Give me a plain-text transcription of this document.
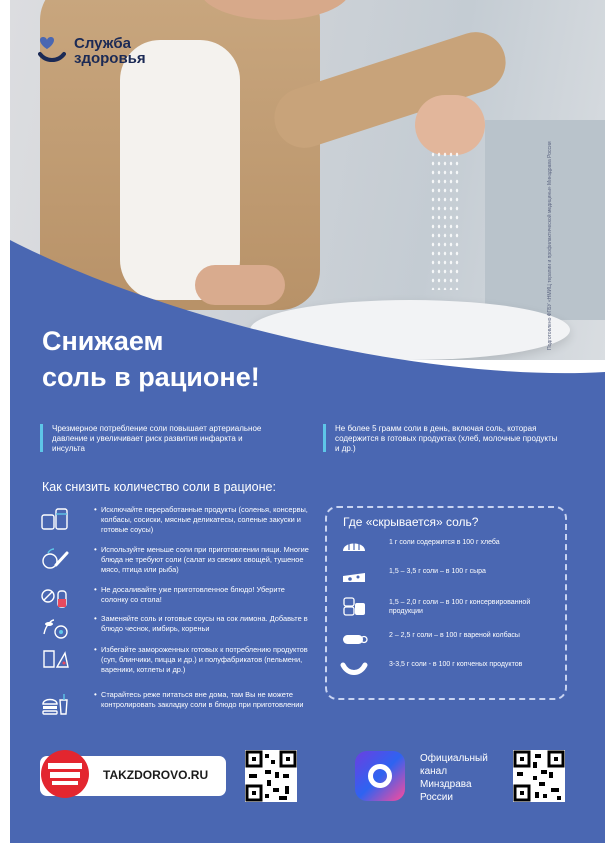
Служба
здоровья
Подготовлено ФГБУ «НМИЦ терапии и профилактической медицины» Минздрава России
Снижаем
соль в рационе!
Чрезмерное потребление соли повышает артериальное давление и увеличивает риск развития инфаркта и инсульта
Не более 5 грамм соли в день, включая соль, которая содержится в готовых продуктах (хлеб, молочные продукты и др.)
Как снизить количество соли в рационе:
• Исключайте переработанные продукты (соленья, консервы, колбасы, сосиски, мясные деликатесы, соленые закуски и готовые соусы)
• Используйте меньше соли при приготовлении пищи. Многие блюда не требуют соли (салат из свежих овощей, тушеное мясо, птица или рыба)
• Не досаливайте уже приготовленное блюдо! Уберите солонку со стола!
• Заменяйте соль и готовые соусы на сок лимона. Добавьте в блюдо чеснок, имбирь, кореньи
• Избегайте замороженных готовых к потреблению продуктов (суп, блинчики, пицца и др.) и полуфабрикатов (пельмени, вареники, котлеты и др.)
• Старайтесь реже питаться вне дома, там Вы не можете контролировать закладку соли в блюдо при приготовлении
Где «скрывается» соль?
1 г соли содержится в 100 г хлеба
1,5 – 3,5 г соли – в 100 г сыра
1,5 – 2,0 г соли – в 100 г консервированной продукции
2 – 2,5 г соли – в 100 г вареной колбасы
3-3,5 г соли - в 100 г копченых продуктов
TAKZDOROVO.RU
Официальный
канал
Минздрава
России
